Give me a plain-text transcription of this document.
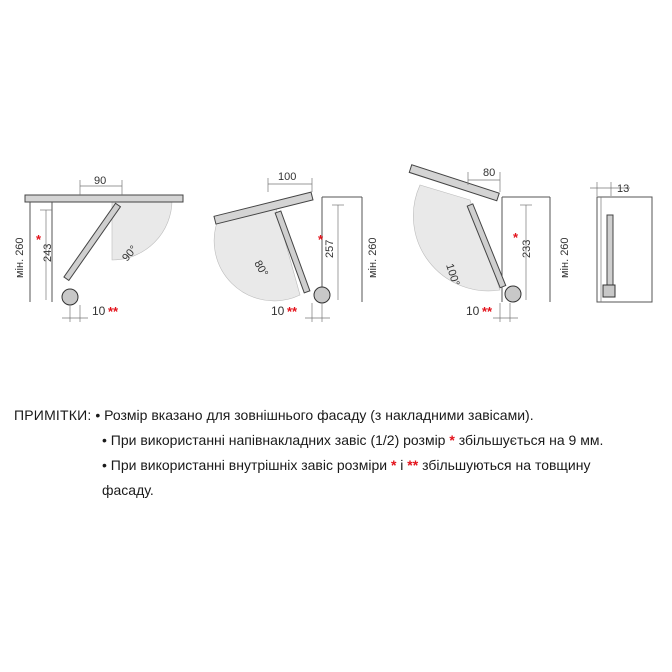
90
243
*
мін. 260	90°
10 **
100
257
*	мін. 260
80°
10 **
80
233
*	мін. 260
100°
10 **
13
ПРИМІТКИ: • Розмір вказано для зовнішнього фасаду (з накладними завісами).
• При використанні напівнакладних завіс (1/2) розмір * збільшується на 9 мм.
• При використанні внутрішніх завіс розміри * і ** збільшуються на товщину
фасаду.
